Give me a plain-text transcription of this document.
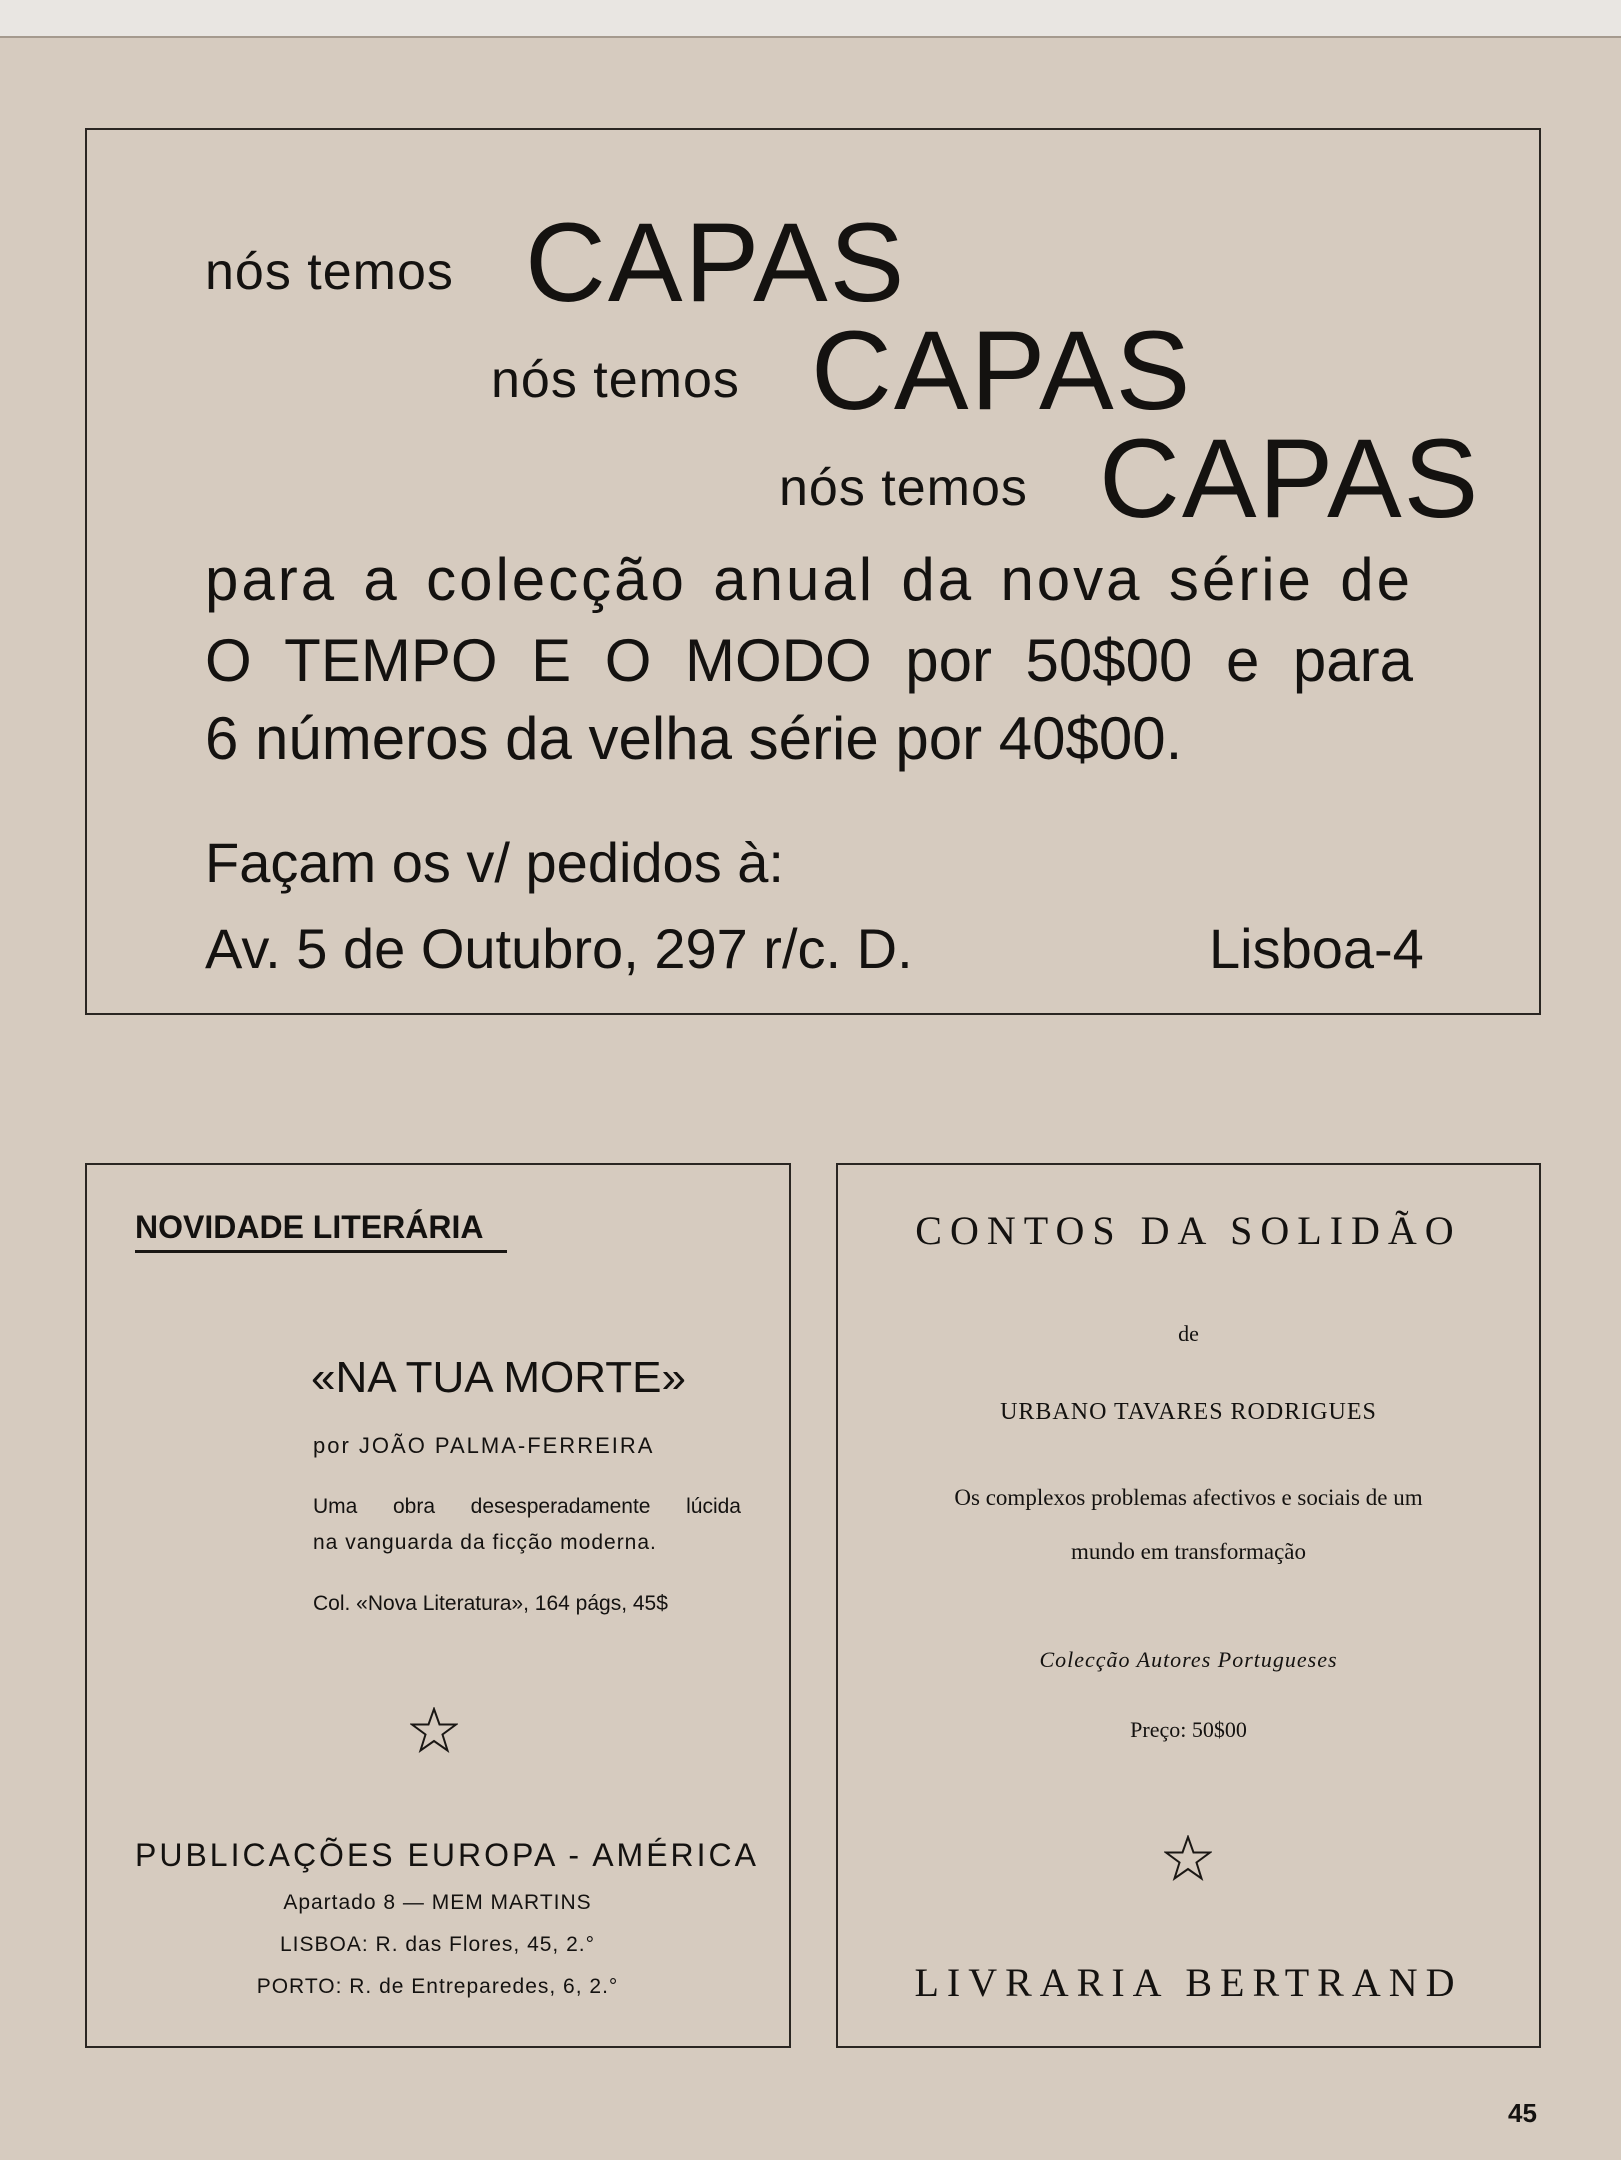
nós temos CAPAS
nós temos CAPAS
nós temos CAPAS
para a colecção anual da nova série de
O TEMPO E O MODO por 50$00 e para
6 números da velha série por 40$00.
Façam os v/ pedidos à:
Av. 5 de Outubro, 297 r/c. D.	Lisboa-4
NOVIDADE LITERÁRIA
«NA TUA MORTE»
por JOÃO PALMA-FERREIRA
Uma obra desesperadamente lúcida
na vanguarda da ficção moderna.
Col. «Nova Literatura», 164 págs, 45$
PUBLICAÇÕES EUROPA - AMÉRICA
Apartado 8 — MEM MARTINS
LISBOA: R. das Flores, 45, 2.°
PORTO: R. de Entreparedes, 6, 2.°
CONTOS DA SOLIDÃO
de
URBANO TAVARES RODRIGUES
Os complexos problemas afectivos e sociais de um
mundo em transformação
Colecção Autores Portugueses
Preço: 50$00
LIVRARIA BERTRAND
45
